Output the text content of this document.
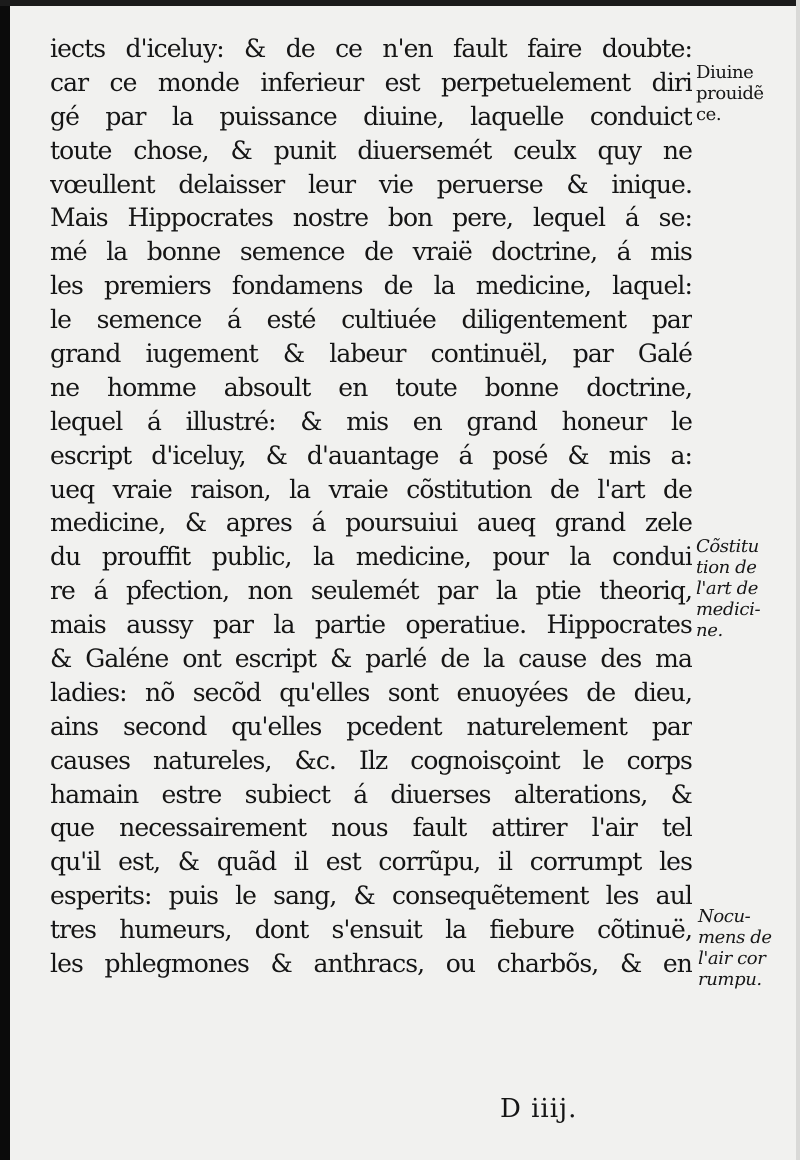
iects d'iceluy: & de ce n'en fault faire doubte:
car ce monde inferieur est perpetuelement diri
gé par la puissance diuine, laquelle conduict
toute chose, & punit diuersemét ceulx quy ne
vœullent delaisser leur vie peruerse & inique.
Mais Hippocrates nostre bon pere, lequel á se:
mé la bonne semence de vraië doctrine, á mis
les premiers fondamens de la medicine, laquel:
le semence á esté cultiuée diligentement par
grand iugement & labeur continuël, par Galé
ne homme absoult en toute bonne doctrine,
lequel á illustré: & mis en grand honeur le
escript d'iceluy, & d'auantage á posé & mis a:
ueq vraie raison, la vraie cõstitution de l'art de
medicine, & apres á poursuiui aueq grand zele
du prouffit public, la medicine, pour la condui
re á pfection, non seulemét par la ptie theoriq,
mais aussy par la partie operatiue. Hippocrates
& Galéne ont escript & parlé de la cause des ma
ladies: nõ secõd qu'elles sont enuoyées de dieu,
ains second qu'elles pcedent naturelement par
causes natureles, &c. Ilz cognoisçoint le corps
hamain estre subiect á diuerses alterations, &
que necessairement nous fault attirer l'air tel
qu'il est, & quãd il est corrũpu, il corrumpt les
esperits: puis le sang, & consequẽtement les aul
tres humeurs, dont s'ensuit la fiebure cõtinuë,
les phlegmones & anthracs, ou charbõs, & en
Diuine
prouidẽ
ce.
Cõstitu
tion de
l'art de
medici-
ne.
Nocu-
mens de
l'air cor
rumpu.
D iiij.
